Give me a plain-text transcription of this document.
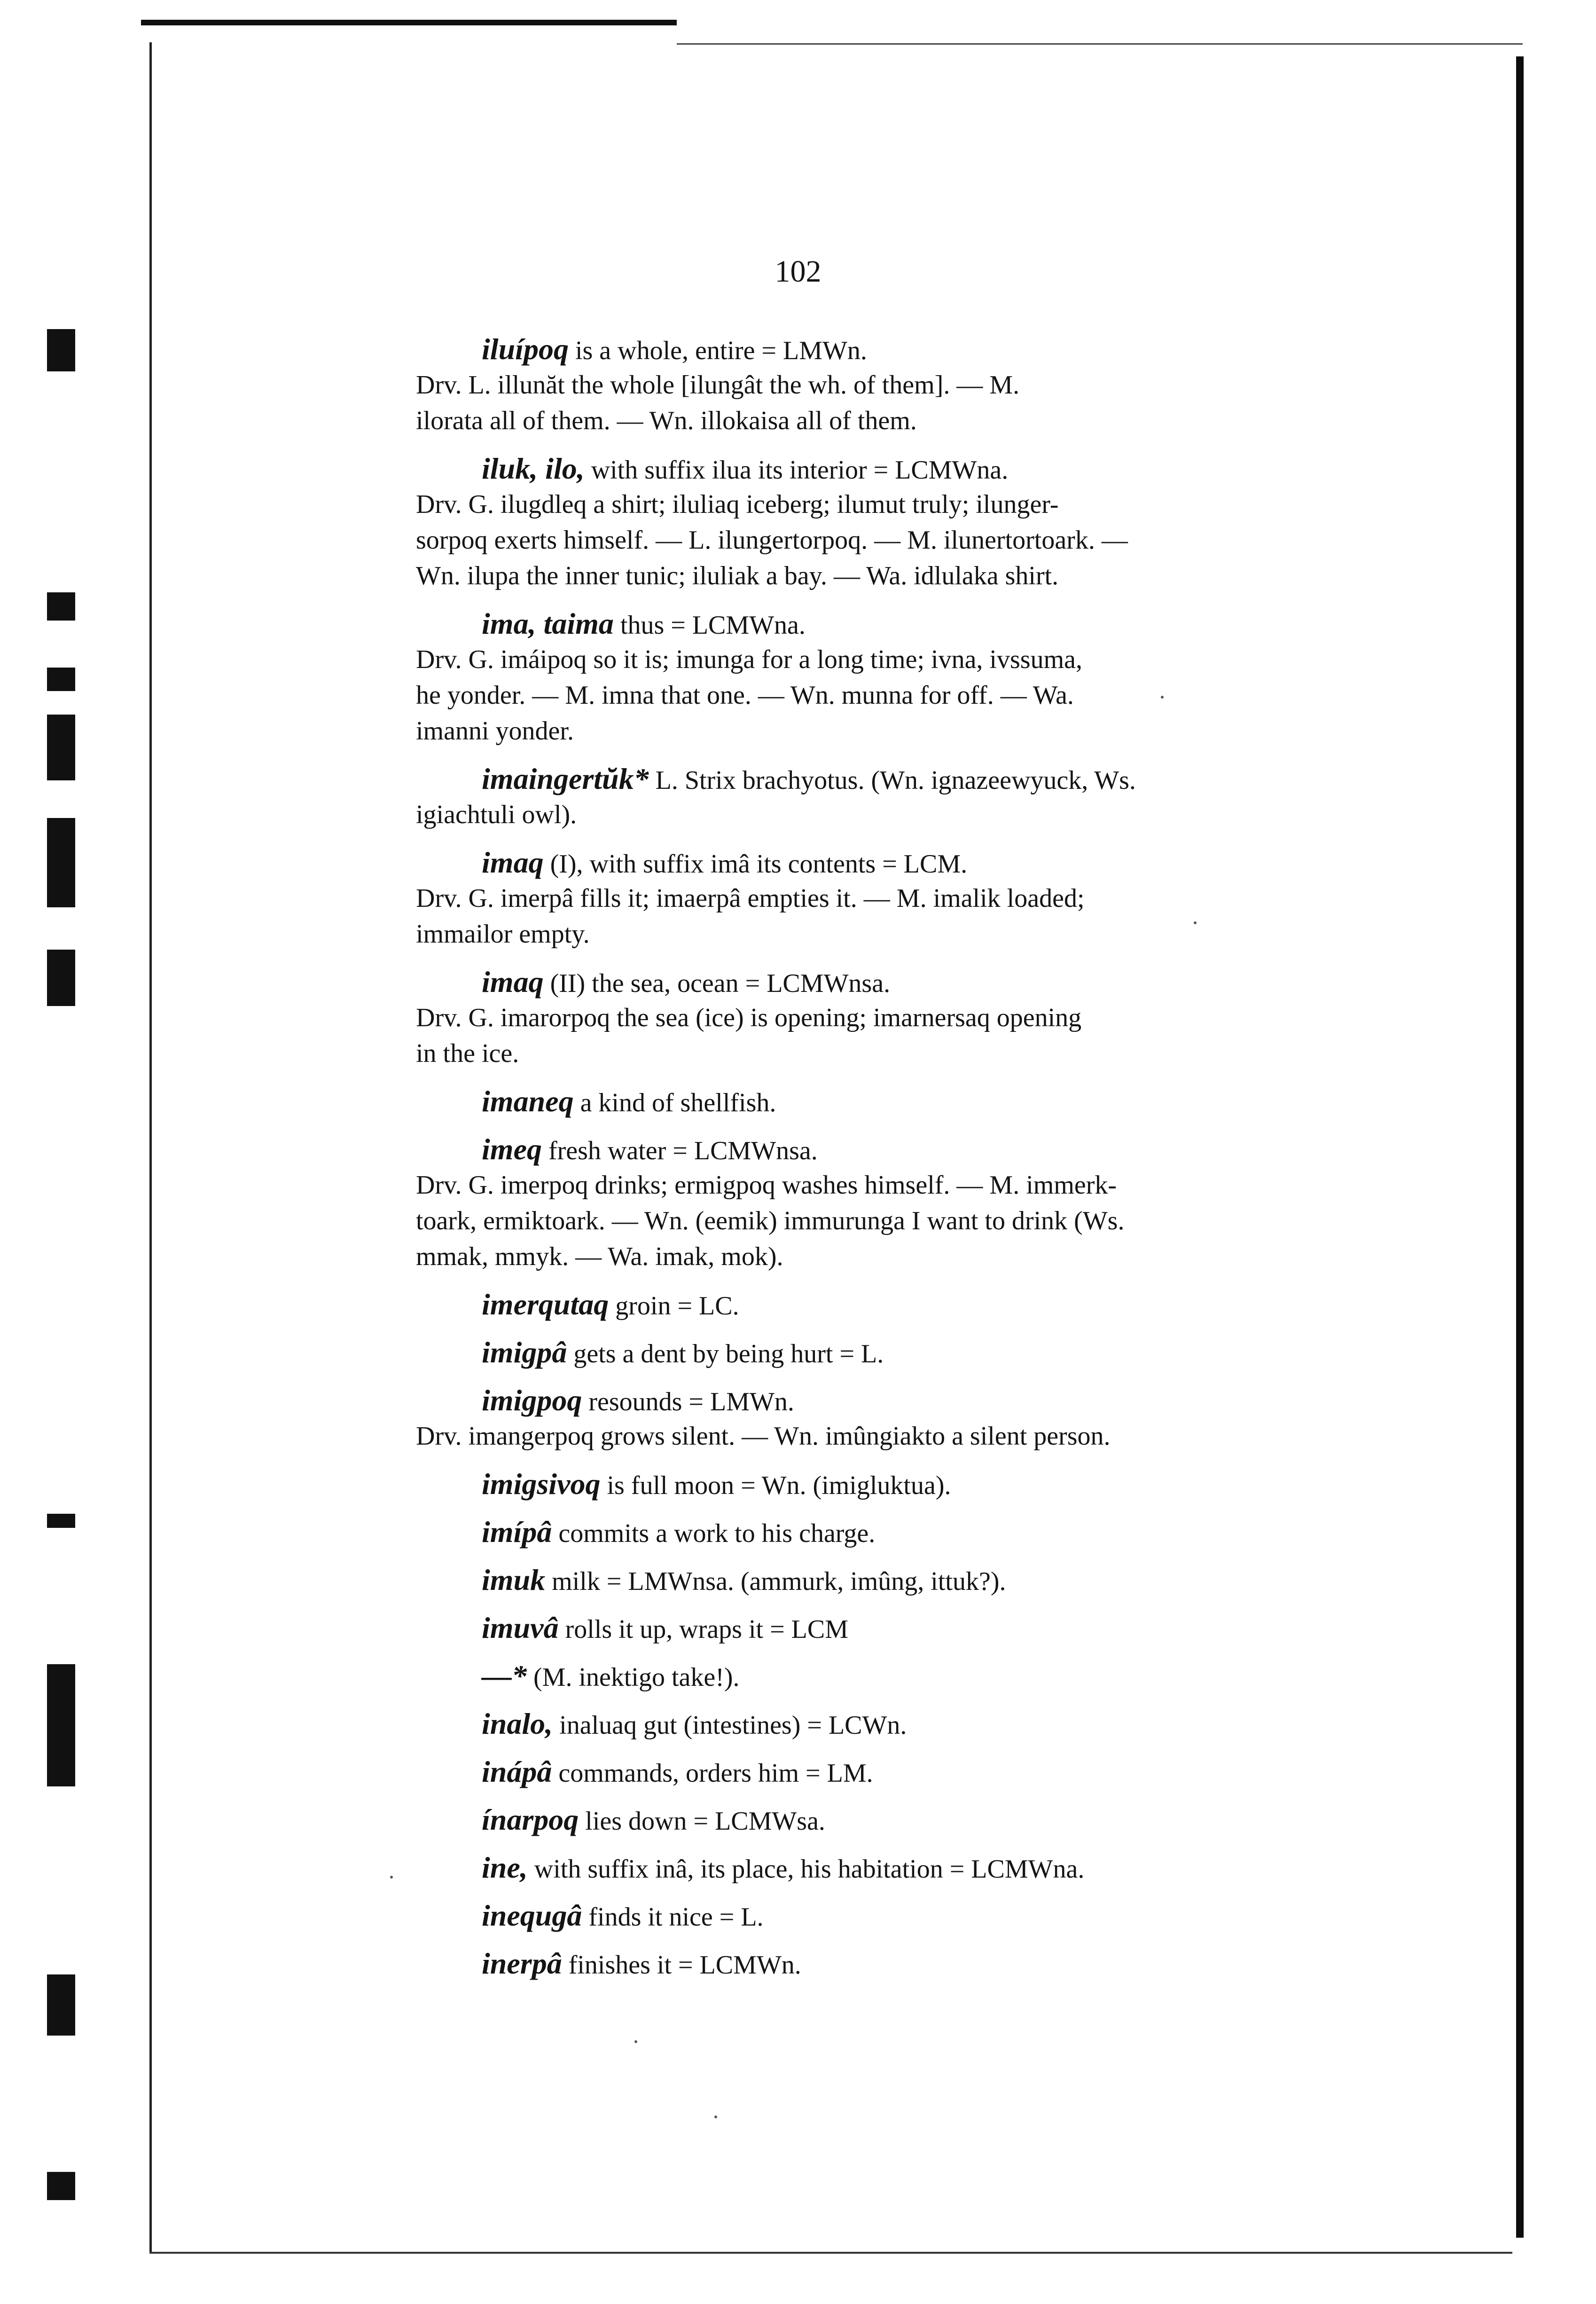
102
iluípoq is a whole, entire = LMWn.
Drv. L. illunăt the whole [ilungât the wh. of them]. — M.
ilorata all of them. — Wn. illokaisa all of them.
iluk, ilo, with suffix ilua its interior = LCMWna.
Drv. G. ilugdleq a shirt; iluliaq iceberg; ilumut truly; ilunger-
sorpoq exerts himself. — L. ilungertorpoq. — M. ilunertortoark. —
Wn. ilupa the inner tunic; iluliak a bay. — Wa. idlulaka shirt.
ima, taima thus = LCMWna.
Drv. G. imáipoq so it is; imunga for a long time; ivna, ivssuma,
he yonder. — M. imna that one. — Wn. munna for off. — Wa.
imanni yonder.
imaingertŭk* L. Strix brachyotus. (Wn. ignazeewyuck, Ws.
igiachtuli owl).
imaq (I), with suffix imâ its contents = LCM.
Drv. G. imerpâ fills it; imaerpâ empties it. — M. imalik loaded;
immailor empty.
imaq (II) the sea, ocean = LCMWnsa.
Drv. G. imarorpoq the sea (ice) is opening; imarnersaq opening
in the ice.
imaneq a kind of shellfish.
imeq fresh water = LCMWnsa.
Drv. G. imerpoq drinks; ermigpoq washes himself. — M. immerk-
toark, ermiktoark. — Wn. (eemik) immurunga I want to drink (Ws.
mmak, mmyk. — Wa. imak, mok).
imerqutaq groin = LC.
imigpâ gets a dent by being hurt = L.
imigpoq resounds = LMWn.
Drv. imangerpoq grows silent. — Wn. imûngiakto a silent person.
imigsivoq is full moon = Wn. (imigluktua).
imípâ commits a work to his charge.
imuk milk = LMWnsa. (ammurk, imûng, ittuk?).
imuvâ rolls it up, wraps it = LCM
—* (M. inektigo take!).
inalo, inaluaq gut (intestines) = LCWn.
inápâ commands, orders him = LM.
ínarpoq lies down = LCMWsa.
ine, with suffix inâ, its place, his habitation = LCMWna.
inequgâ finds it nice = L.
inerpâ finishes it = LCMWn.
